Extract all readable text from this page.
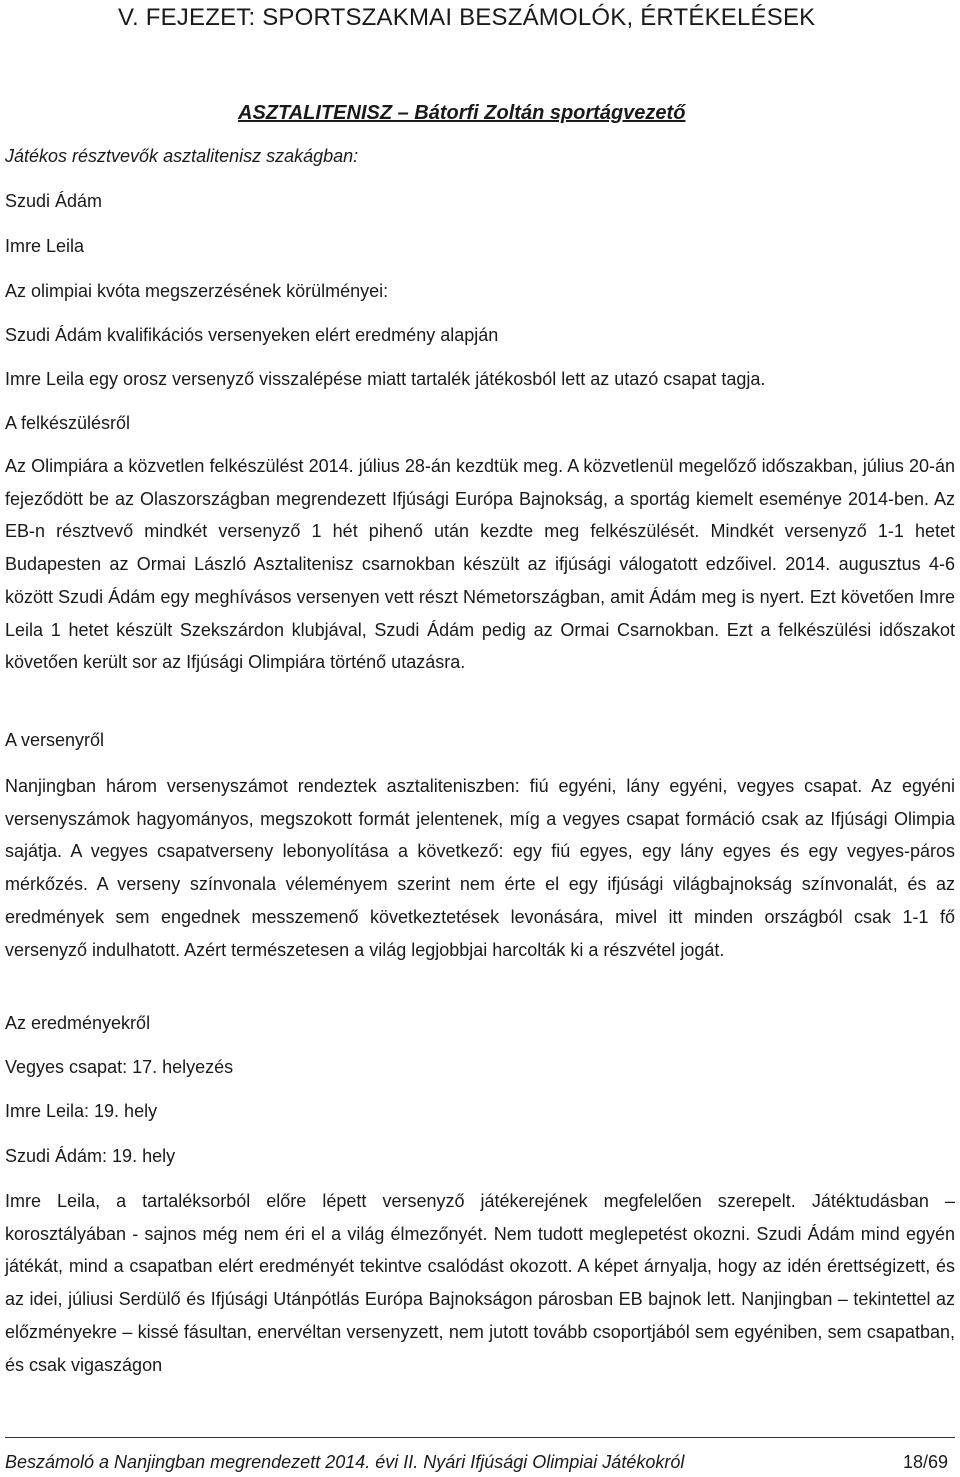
V. FEJEZET: SPORTSZAKMAI BESZÁMOLÓK, ÉRTÉKELÉSEK
ASZTALITENISZ – Bátorfi Zoltán sportágvezető

Játékos résztvevők asztalitenisz szakágban:

Szudi Ádám

Imre Leila

Az olimpiai kvóta megszerzésének körülményei:

Szudi Ádám kvalifikációs versenyeken elért eredmény alapján

Imre Leila egy orosz versenyző visszalépése miatt tartalék játékosból lett az utazó csapat tagja.

A felkészülésről

Az Olimpiára a közvetlen felkészülést 2014. július 28-án kezdtük meg. A közvetlenül megelőző időszakban, július 20-án fejeződött be az Olaszországban megrendezett Ifjúsági Európa Bajnokság, a sportág kiemelt eseménye 2014-ben. Az EB-n résztvevő mindkét versenyző 1 hét pihenő után kezdte meg felkészülését. Mindkét versenyző 1-1 hetet Budapesten az Ormai László Asztalitenisz csarnokban készült az ifjúsági válogatott edzőivel. 2014. augusztus 4-6 között Szudi Ádám egy meghívásos versenyen vett részt Németországban, amit Ádám meg is nyert. Ezt követően Imre Leila 1 hetet készült Szekszárdon klubjával, Szudi Ádám pedig az Ormai Csarnokban. Ezt a felkészülési időszakot követően került sor az Ifjúsági Olimpiára történő utazásra.

A versenyről

Nanjingban három versenyszámot rendeztek asztaliteniszben: fiú egyéni, lány egyéni, vegyes csapat. Az egyéni versenyszámok hagyományos, megszokott formát jelentenek, míg a vegyes csapat formáció csak az Ifjúsági Olimpia sajátja. A vegyes csapatverseny lebonyolítása a következő: egy fiú egyes, egy lány egyes és egy vegyes-páros mérkőzés. A verseny színvonala véleményem szerint nem érte el egy ifjúsági világbajnokság színvonalát, és az eredmények sem engednek messzemenő következtetések levonására, mivel itt minden országból csak 1-1 fő versenyző indulhatott. Azért természetesen a világ legjobbjai harcolták ki a részvétel jogát.

Az eredményekről

Vegyes csapat: 17. helyezés

Imre Leila: 19. hely

Szudi Ádám: 19. hely

Imre Leila, a tartaléksorból előre lépett versenyző játékerejének megfelelően szerepelt. Játéktudásban – korosztályában - sajnos még nem éri el a világ élmezőnyét. Nem tudott meglepetést okozni. Szudi Ádám mind egyén játékát, mind a csapatban elért eredményét tekintve csalódást okozott. A képet árnyalja, hogy az idén érettségizett, és az idei, júliusi Serdülő és Ifjúsági Utánpótlás Európa Bajnokságon párosban EB bajnok lett. Nanjingban – tekintettel az előzményekre – kissé fásultan, enervéltan versenyzett, nem jutott tovább csoportjából sem egyéniben, sem csapatban, és csak vigaszágon

Beszámoló a Nanjingban megrendezett 2014. évi II. Nyári Ifjúsági Olimpiai Játékokról	18/69
